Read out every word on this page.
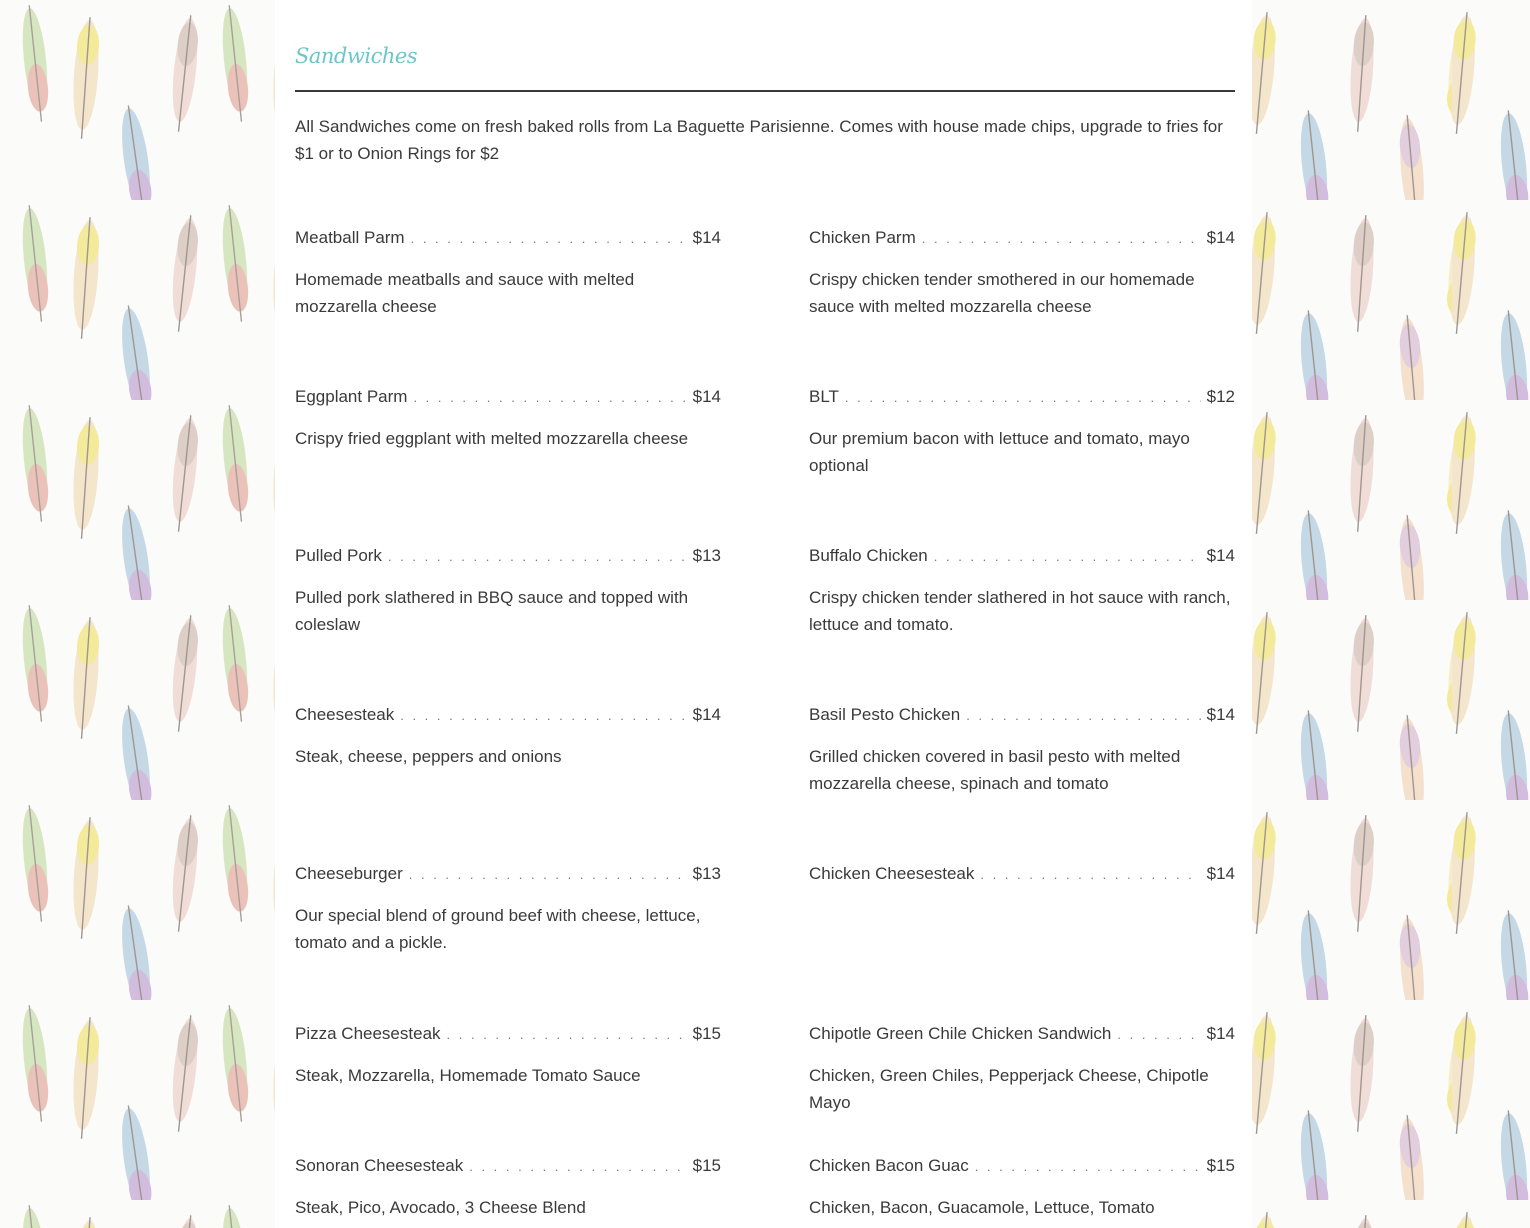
Sandwiches

All Sandwiches come on fresh baked rolls from La Baguette Parisienne. Comes with house made chips, upgrade to fries for $1 or to Onion Rings for $2

Meatball Parm . . .	$14

Homemade meatballs and sauce with melted mozzarella cheese

Chicken Parm . . .	$14

Crispy chicken tender smothered in our homemade sauce with melted mozzarella cheese

Eggplant Parm . . .	$14

Crispy fried eggplant with melted mozzarella cheese

BLT . . .	$12

Our premium bacon with lettuce and tomato, mayo optional

Pulled Pork . . .	$13

Pulled pork slathered in BBQ sauce and topped with coleslaw

Buffalo Chicken . . .	$14

Crispy chicken tender slathered in hot sauce with ranch, lettuce and tomato.

Cheesesteak . . .	$14

Steak, cheese, peppers and onions

Basil Pesto Chicken . . .	$14

Grilled chicken covered in basil pesto with melted mozzarella cheese, spinach and tomato

Cheeseburger . . .	$13

Our special blend of ground beef with cheese, lettuce, tomato and a pickle.

Chicken Cheesesteak . . .	$14

Pizza Cheesesteak . . .	$15

Steak, Mozzarella, Homemade Tomato Sauce

Chipotle Green Chile Chicken Sandwich . . .	$14

Chicken, Green Chiles, Pepperjack Cheese, Chipotle Mayo

Sonoran Cheesesteak . . .	$15

Steak, Pico, Avocado, 3 Cheese Blend

Chicken Bacon Guac . . .	$15

Chicken, Bacon, Guacamole, Lettuce, Tomato
